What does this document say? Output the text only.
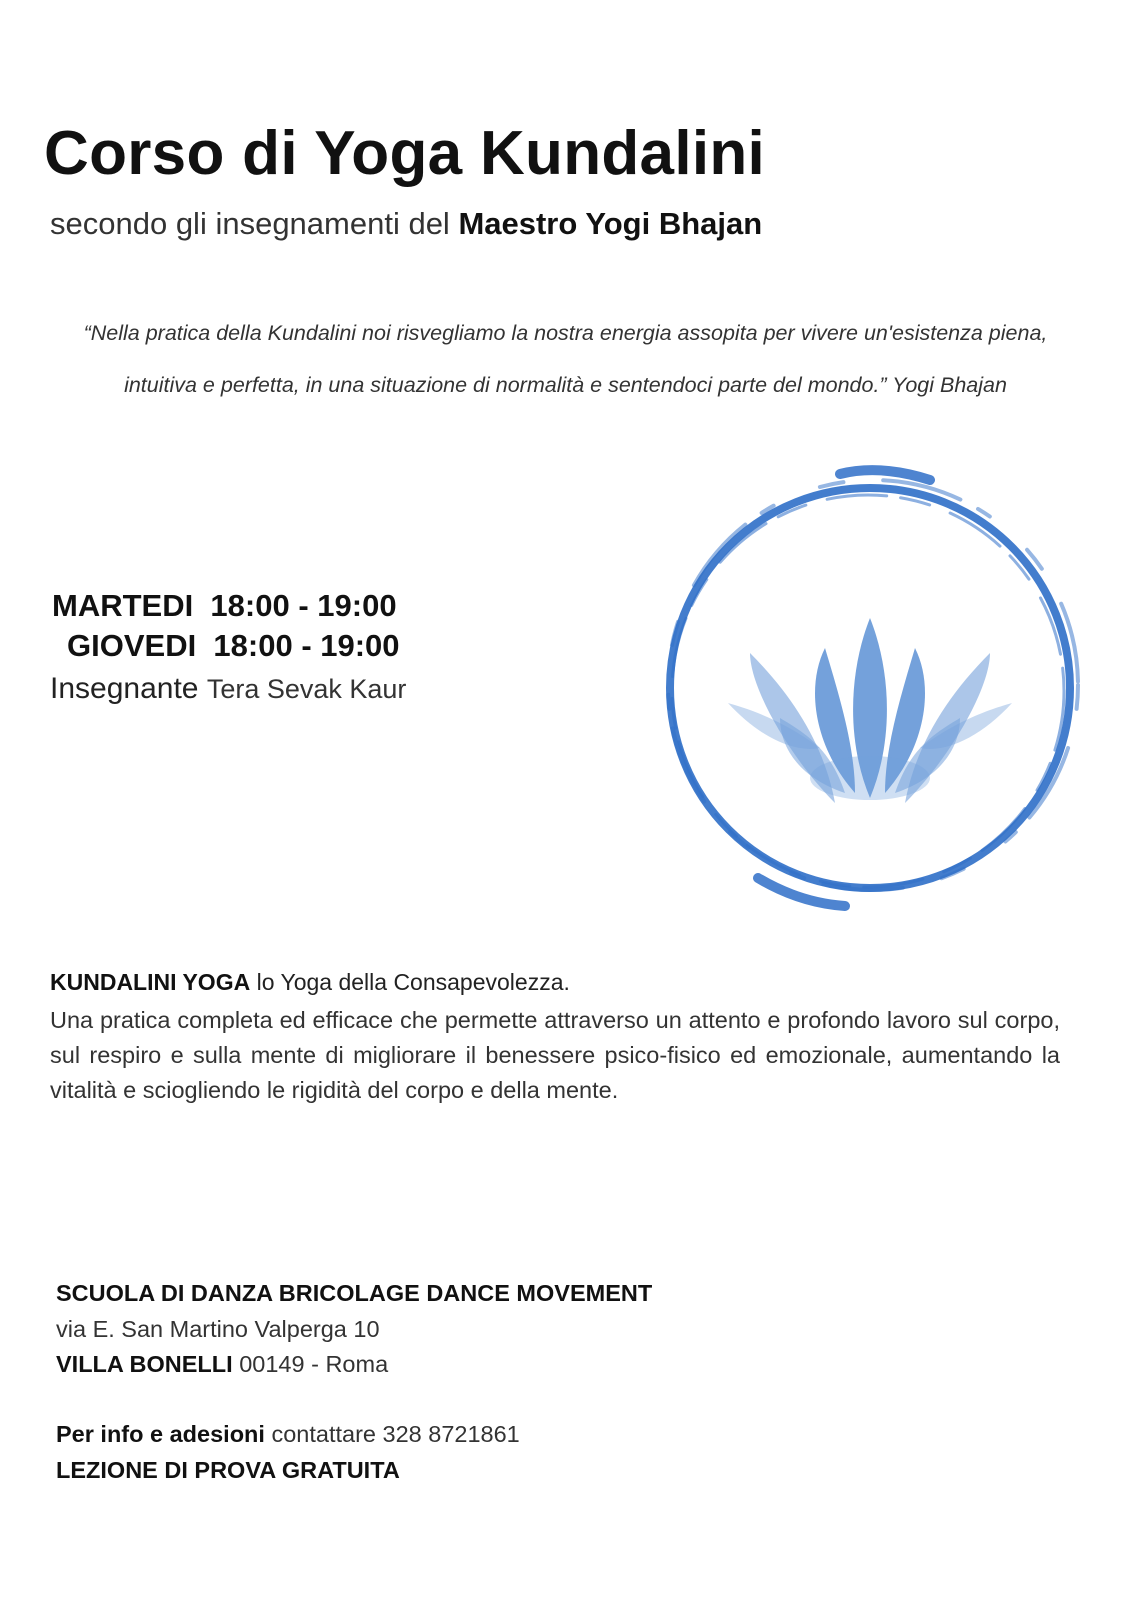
Corso di Yoga Kundalini
secondo gli insegnamenti del Maestro Yogi Bhajan
“Nella pratica della Kundalini noi risvegliamo la nostra energia assopita per vivere un'esistenza piena,
intuitiva e perfetta, in una situazione di normalità e sentendoci parte del mondo.” Yogi Bhajan
MARTEDI  18:00 - 19:00
GIOVEDI  18:00 - 19:00
Insegnante Tera Sevak Kaur
KUNDALINI YOGA lo Yoga della Consapevolezza.
Una pratica completa ed efficace che permette attraverso un attento e profondo lavoro sul corpo, sul respiro e sulla mente di migliorare il benessere psico-fisico ed emozionale, aumentando la vitalità e sciogliendo le rigidità del corpo e della mente.
SCUOLA DI DANZA BRICOLAGE DANCE MOVEMENT
via E. San Martino Valperga 10
VILLA BONELLI 00149 - Roma
Per info e adesioni contattare 328 8721861
LEZIONE DI PROVA GRATUITA
